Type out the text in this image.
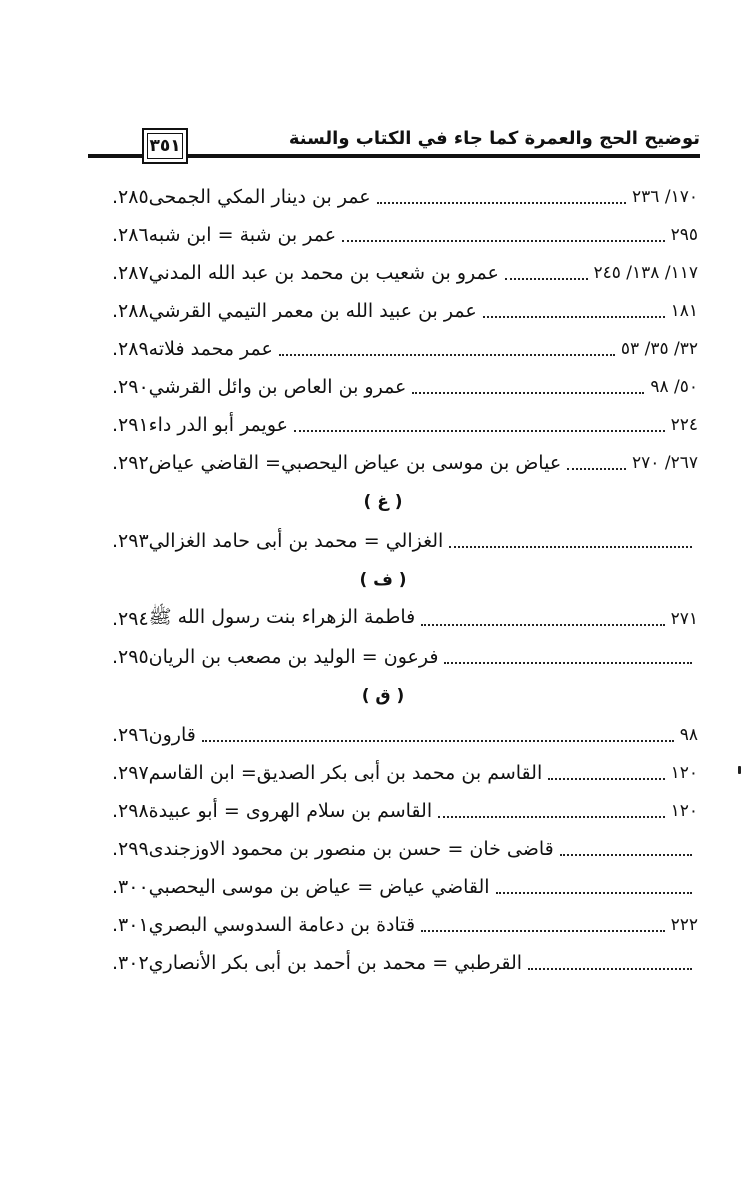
٣٥١	توضيح الحج والعمرة كما جاء في الكتاب والسنة
٢٨٥. عمر بن دينار المكي الجمحى	١٧٠/ ٢٣٦
٢٨٦. عمر بن شبة = ابن شبه	٢٩٥
٢٨٧. عمرو بن شعيب بن محمد بن عبد الله المدني	١١٧/ ١٣٨/ ٢٤٥
٢٨٨. عمر بن عبيد الله بن معمر التيمي القرشي	١٨١
٢٨٩. عمر محمد فلاته	٣٢/ ٣٥/ ٥٣
٢٩٠. عمرو بن العاص بن وائل القرشي	٥٠/ ٩٨
٢٩١. عويمر أبو الدر داء	٢٢٤
٢٩٢. عياض بن موسى بن عياض اليحصبي= القاضي عياض	٢٦٧/ ٢٧٠
( غ )
٢٩٣. الغزالي = محمد بن أبى حامد الغزالي
( ف )
٢٩٤. فاطمة الزهراء بنت رسول الله ﷺ	٢٧١
٢٩٥. فرعون = الوليد بن مصعب بن الريان
( ق )
٢٩٦. قارون	٩٨
٢٩٧. القاسم بن محمد بن أبى بكر الصديق= ابن القاسم	١٢٠
٢٩٨. القاسم بن سلام الهروى = أبو عبيدة	١٢٠
٢٩٩. قاضى خان = حسن بن منصور بن محمود الاوزجندى
٣٠٠. القاضي عياض = عياض بن موسى اليحصبي
٣٠١. قتادة بن دعامة السدوسي البصري	٢٢٢
٣٠٢. القرطبي = محمد بن أحمد بن أبى بكر الأنصاري
